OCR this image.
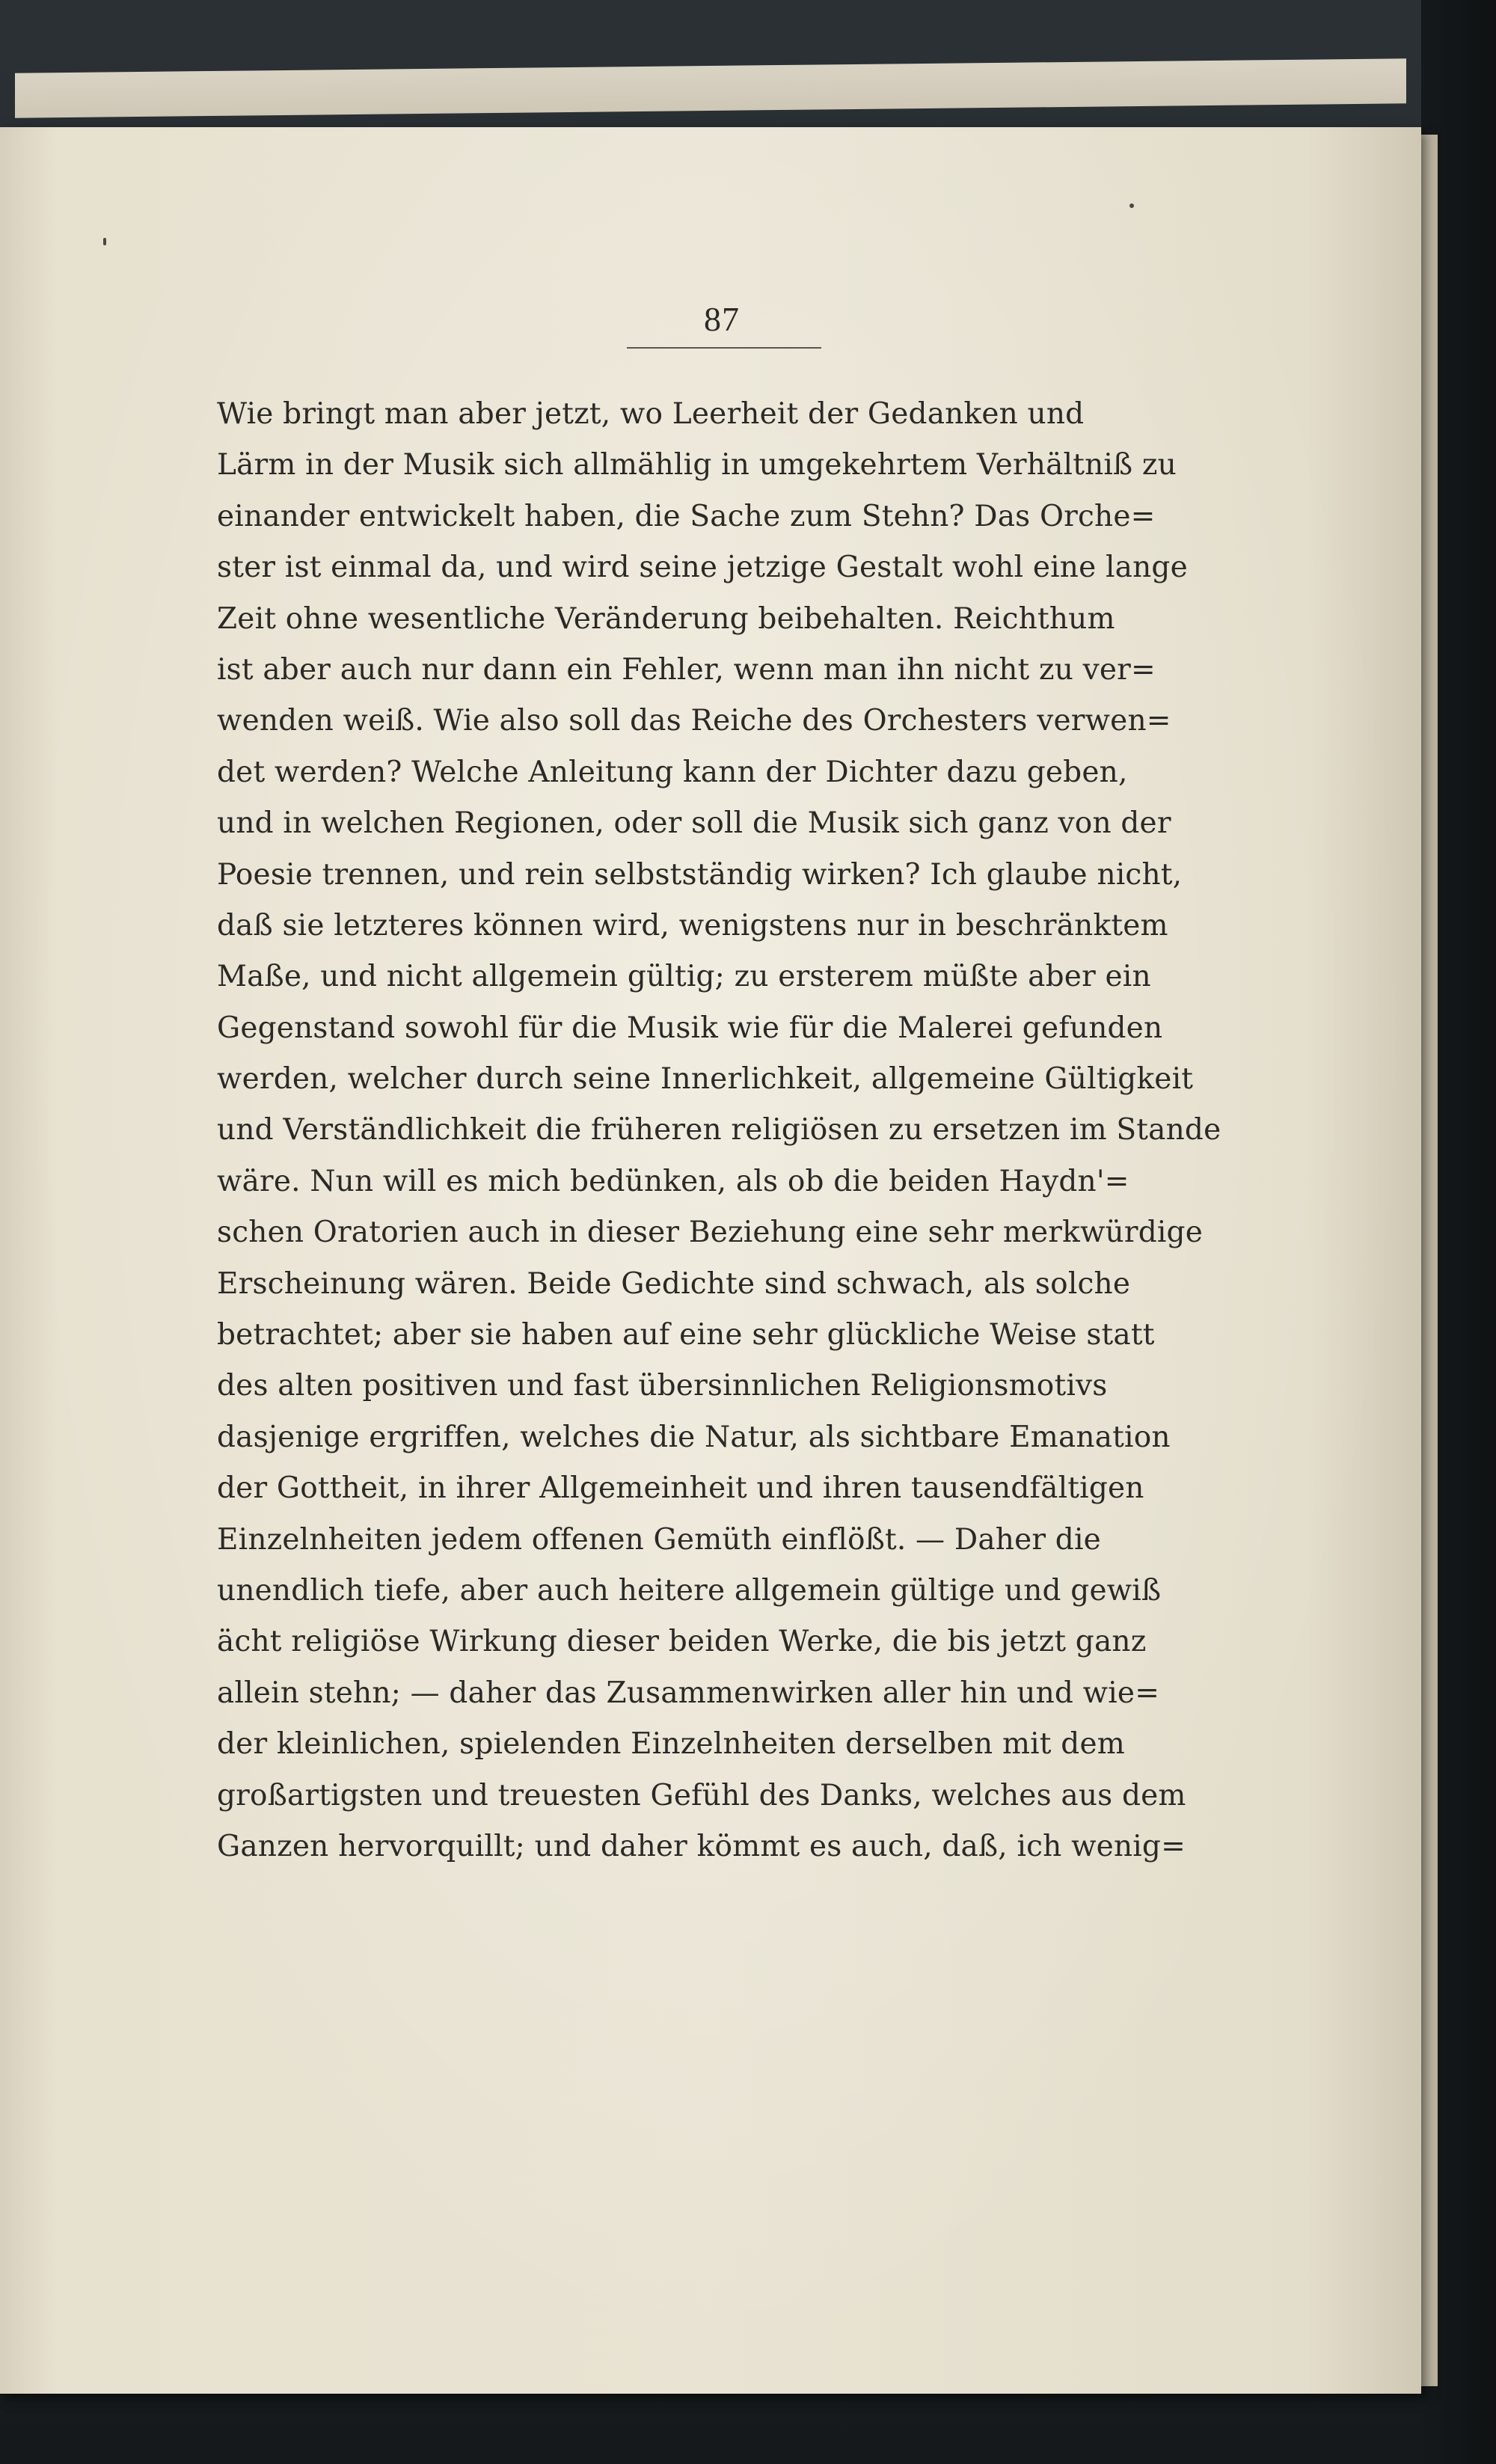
87
Wie bringt man aber jetzt, wo Leerheit der Gedanken und
Lärm in der Musik sich allmählig in umgekehrtem Verhältniß zu
einander entwickelt haben, die Sache zum Stehn? Das Orche=
ster ist einmal da, und wird seine jetzige Gestalt wohl eine lange
Zeit ohne wesentliche Veränderung beibehalten. Reichthum
ist aber auch nur dann ein Fehler, wenn man ihn nicht zu ver=
wenden weiß. Wie also soll das Reiche des Orchesters verwen=
det werden? Welche Anleitung kann der Dichter dazu geben,
und in welchen Regionen, oder soll die Musik sich ganz von der
Poesie trennen, und rein selbstständig wirken? Ich glaube nicht,
daß sie letzteres können wird, wenigstens nur in beschränktem
Maße, und nicht allgemein gültig; zu ersterem müßte aber ein
Gegenstand sowohl für die Musik wie für die Malerei gefunden
werden, welcher durch seine Innerlichkeit, allgemeine Gültigkeit
und Verständlichkeit die früheren religiösen zu ersetzen im Stande
wäre. Nun will es mich bedünken, als ob die beiden Haydn'=
schen Oratorien auch in dieser Beziehung eine sehr merkwürdige
Erscheinung wären. Beide Gedichte sind schwach, als solche
betrachtet; aber sie haben auf eine sehr glückliche Weise statt
des alten positiven und fast übersinnlichen Religionsmotivs
dasjenige ergriffen, welches die Natur, als sichtbare Emanation
der Gottheit, in ihrer Allgemeinheit und ihren tausendfältigen
Einzelnheiten jedem offenen Gemüth einflößt. — Daher die
unendlich tiefe, aber auch heitere allgemein gültige und gewiß
ächt religiöse Wirkung dieser beiden Werke, die bis jetzt ganz
allein stehn; — daher das Zusammenwirken aller hin und wie=
der kleinlichen, spielenden Einzelnheiten derselben mit dem
großartigsten und treuesten Gefühl des Danks, welches aus dem
Ganzen hervorquillt; und daher kömmt es auch, daß, ich wenig=
